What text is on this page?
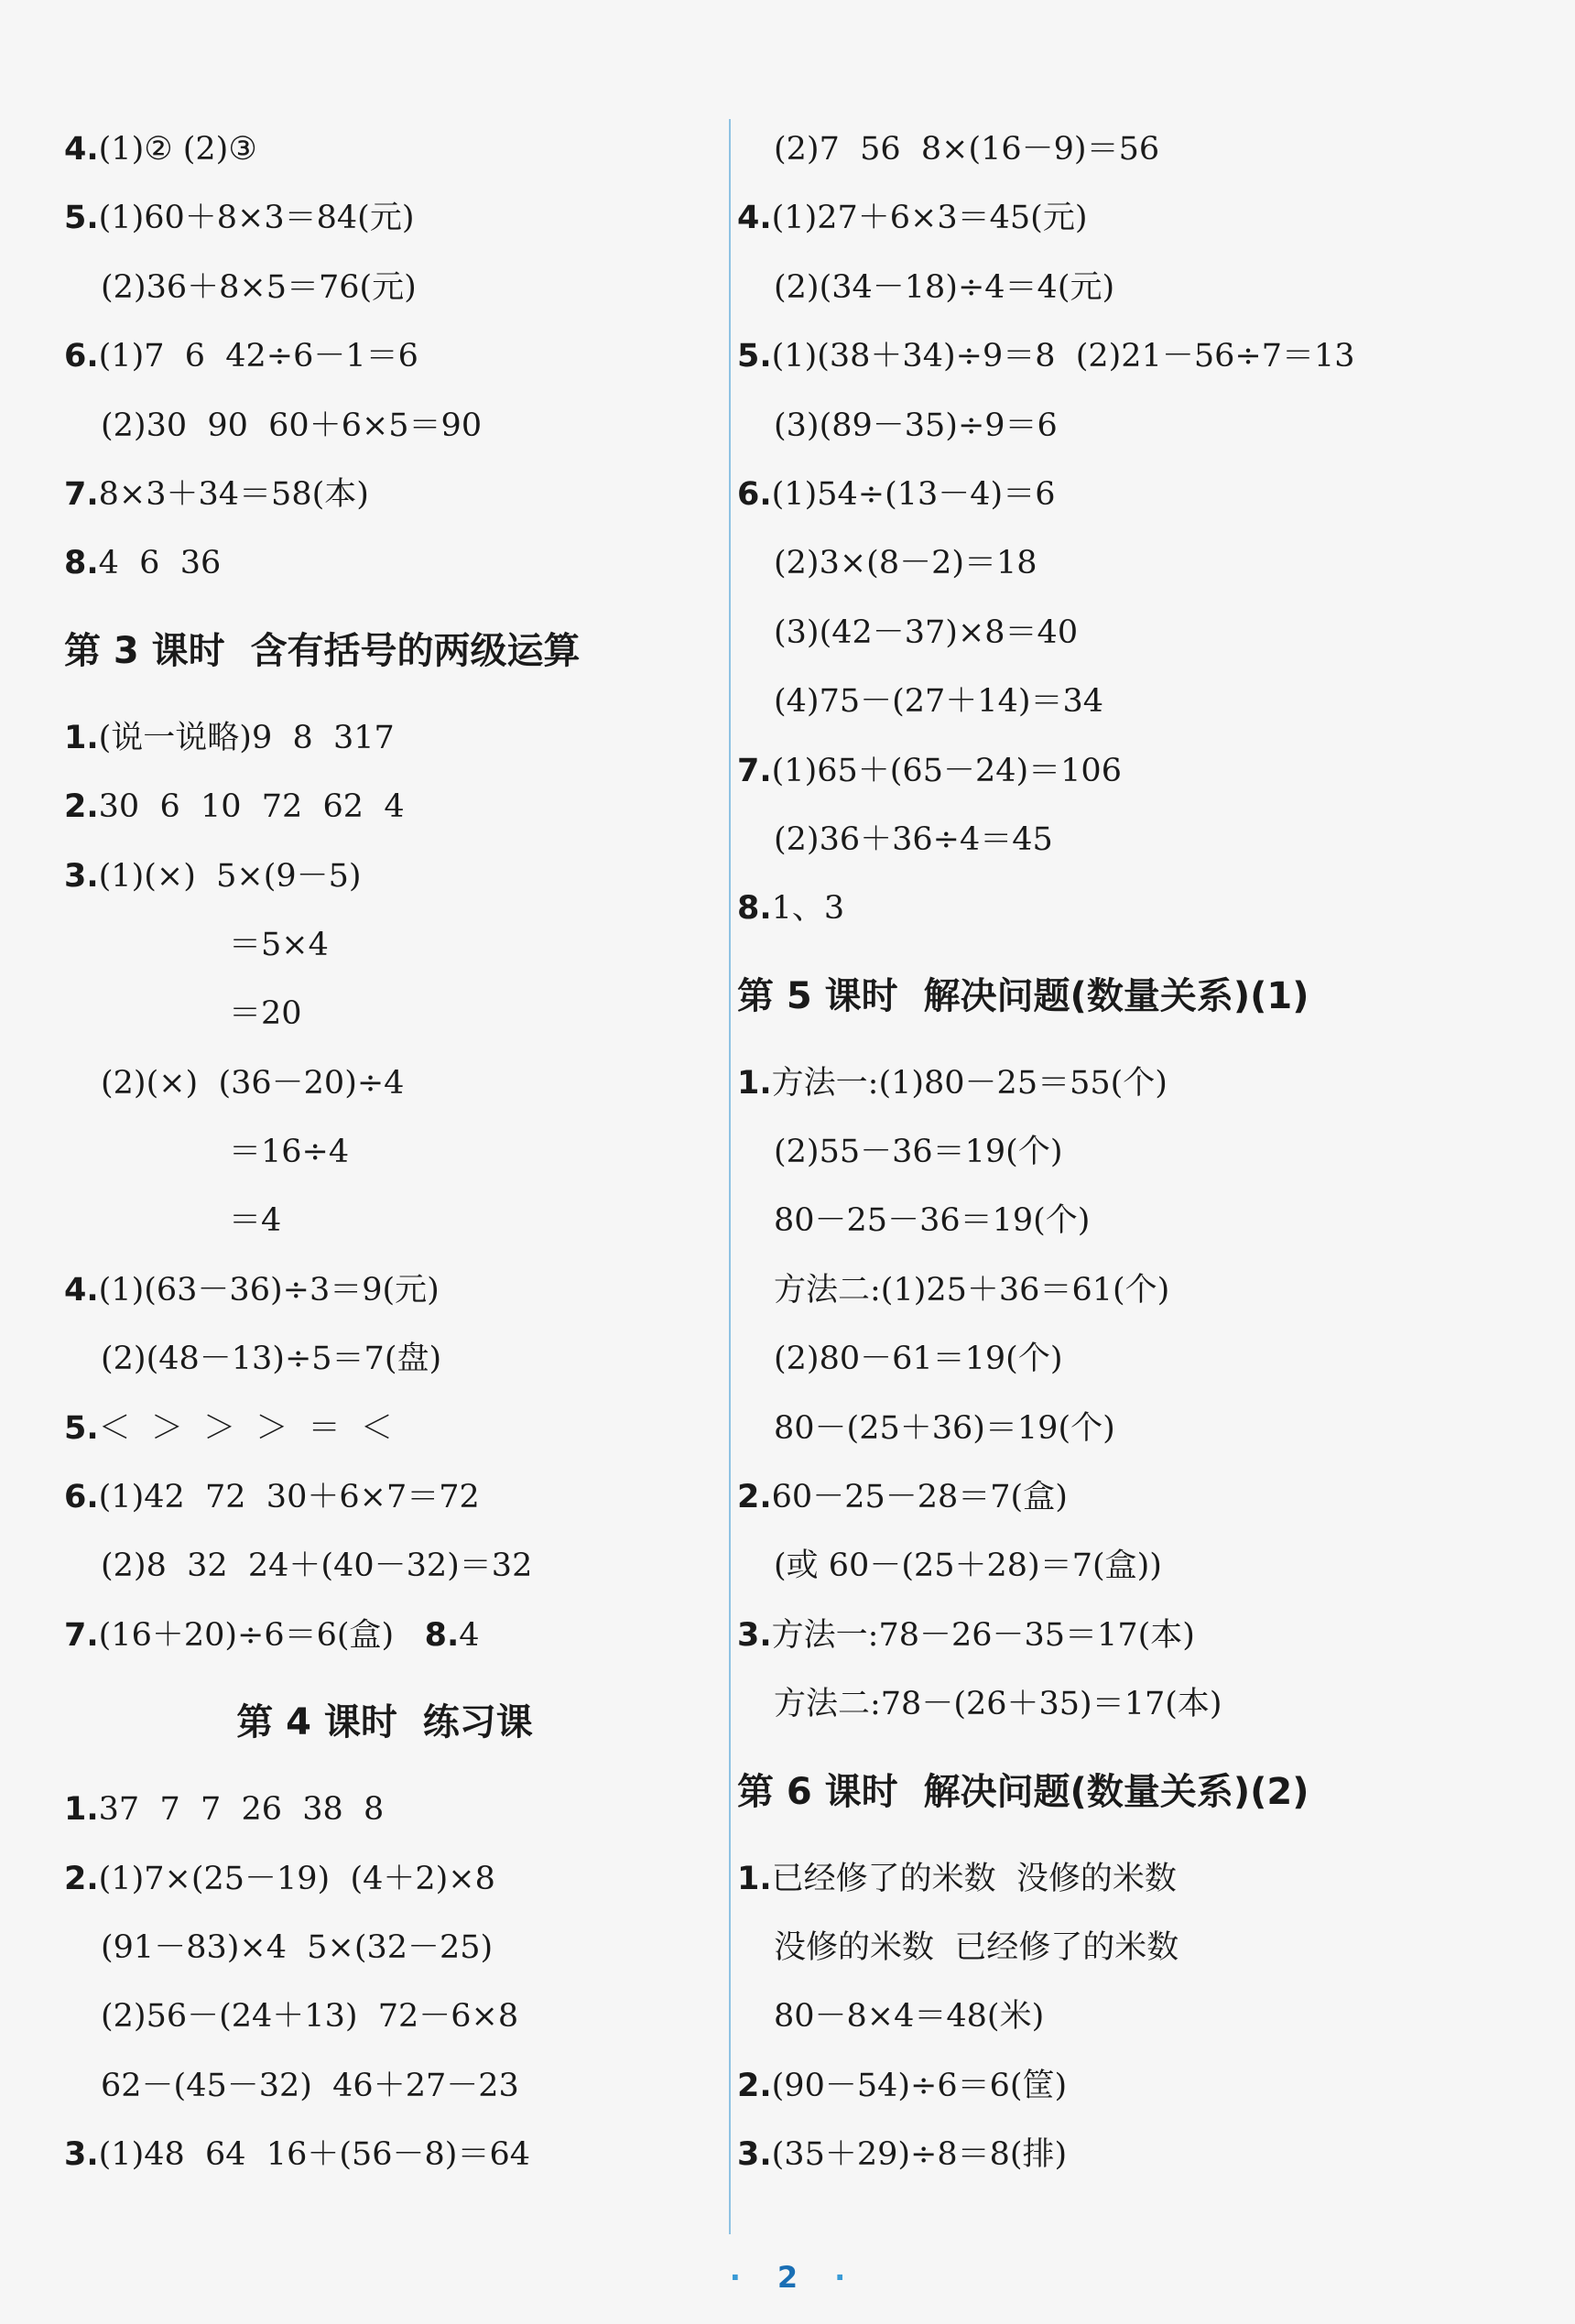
4.(1)② (2)③
5.(1)60＋8×3＝84(元)
(2)36＋8×5＝76(元)
6.(1)7  6  42÷6－1＝6
(2)30  90  60＋6×5＝90
7.8×3＋34＝58(本)
8.4  6  36
第 3 课时  含有括号的两级运算
1.(说一说略)9  8  317
2.30  6  10  72  62  4
3.(1)(×)  5×(9－5)
＝5×4
＝20
(2)(×)  (36－20)÷4
＝16÷4
＝4
4.(1)(63－36)÷3＝9(元)
(2)(48－13)÷5＝7(盘)
5.＜  ＞  ＞  ＞  ＝  ＜
6.(1)42  72  30＋6×7＝72
(2)8  32  24＋(40－32)＝32
7.(16＋20)÷6＝6(盒) 8.4
第 4 课时  练习课
1.37  7  7  26  38  8
2.(1)7×(25－19)  (4＋2)×8
(91－83)×4  5×(32－25)
(2)56－(24＋13)  72－6×8
62－(45－32)  46＋27－23
3.(1)48  64  16＋(56－8)＝64
(2)7  56  8×(16－9)＝56
4.(1)27＋6×3＝45(元)
(2)(34－18)÷4＝4(元)
5.(1)(38＋34)÷9＝8  (2)21－56÷7＝13
(3)(89－35)÷9＝6
6.(1)54÷(13－4)＝6
(2)3×(8－2)＝18
(3)(42－37)×8＝40
(4)75－(27＋14)＝34
7.(1)65＋(65－24)＝106
(2)36＋36÷4＝45
8.1、3
第 5 课时  解决问题(数量关系)(1)
1.方法一:(1)80－25＝55(个)
(2)55－36＝19(个)
80－25－36＝19(个)
方法二:(1)25＋36＝61(个)
(2)80－61＝19(个)
80－(25＋36)＝19(个)
2.60－25－28＝7(盒)
(或 60－(25＋28)＝7(盒))
3.方法一:78－26－35＝17(本)
方法二:78－(26＋35)＝17(本)
第 6 课时  解决问题(数量关系)(2)
1.已经修了的米数  没修的米数
没修的米数  已经修了的米数
80－8×4＝48(米)
2.(90－54)÷6＝6(筐)
3.(35＋29)÷8＝8(排)
· 2 ·
